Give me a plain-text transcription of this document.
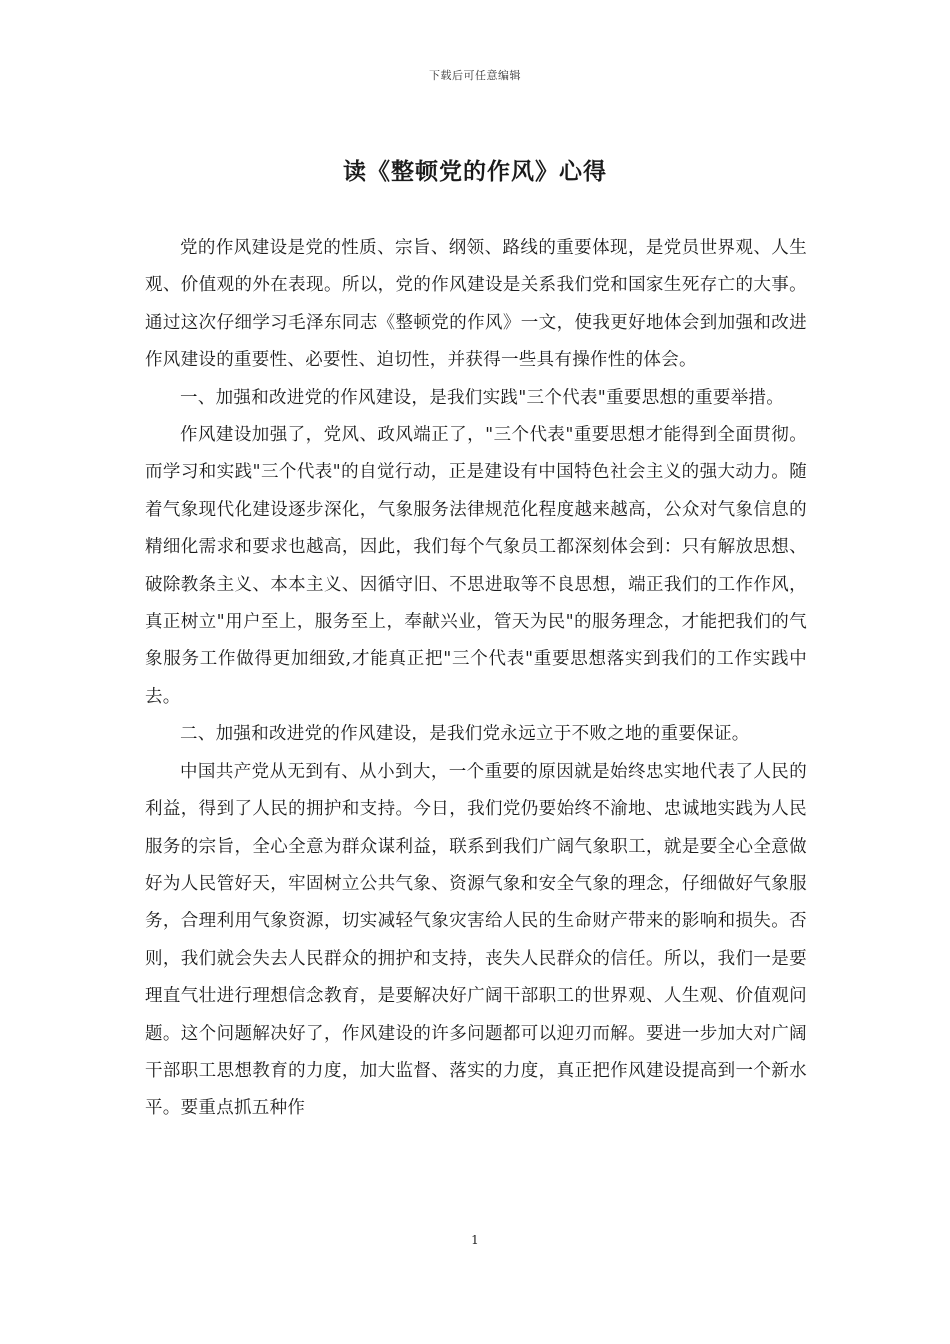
下载后可任意编辑
读《整顿党的作风》心得

党的作风建设是党的性质、宗旨、纲领、路线的重要体现，是党员世界观、人生观、价值观的外在表现。所以，党的作风建设是关系我们党和国家生死存亡的大事。通过这次仔细学习毛泽东同志《整顿党的作风》一文，使我更好地体会到加强和改进作风建设的重要性、必要性、迫切性，并获得一些具有操作性的体会。

一、加强和改进党的作风建设，是我们实践"三个代表"重要思想的重要举措。

作风建设加强了，党风、政风端正了，"三个代表"重要思想才能得到全面贯彻。而学习和实践"三个代表"的自觉行动，正是建设有中国特色社会主义的强大动力。随着气象现代化建设逐步深化，气象服务法律规范化程度越来越高，公众对气象信息的精细化需求和要求也越高，因此，我们每个气象员工都深刻体会到：只有解放思想、破除教条主义、本本主义、因循守旧、不思进取等不良思想，端正我们的工作作风，真正树立"用户至上，服务至上，奉献兴业，管天为民"的服务理念，才能把我们的气象服务工作做得更加细致,才能真正把"三个代表"重要思想落实到我们的工作实践中去。

二、加强和改进党的作风建设，是我们党永远立于不败之地的重要保证。

中国共产党从无到有、从小到大，一个重要的原因就是始终忠实地代表了人民的利益，得到了人民的拥护和支持。今日，我们党仍要始终不渝地、忠诚地实践为人民服务的宗旨，全心全意为群众谋利益，联系到我们广阔气象职工，就是要全心全意做好为人民管好天，牢固树立公共气象、资源气象和安全气象的理念，仔细做好气象服务，合理利用气象资源，切实减轻气象灾害给人民的生命财产带来的影响和损失。否则，我们就会失去人民群众的拥护和支持，丧失人民群众的信任。所以，我们一是要理直气壮进行理想信念教育，是要解决好广阔干部职工的世界观、人生观、价值观问题。这个问题解决好了，作风建设的许多问题都可以迎刃而解。要进一步加大对广阔干部职工思想教育的力度，加大监督、落实的力度，真正把作风建设提高到一个新水平。要重点抓五种作

1
